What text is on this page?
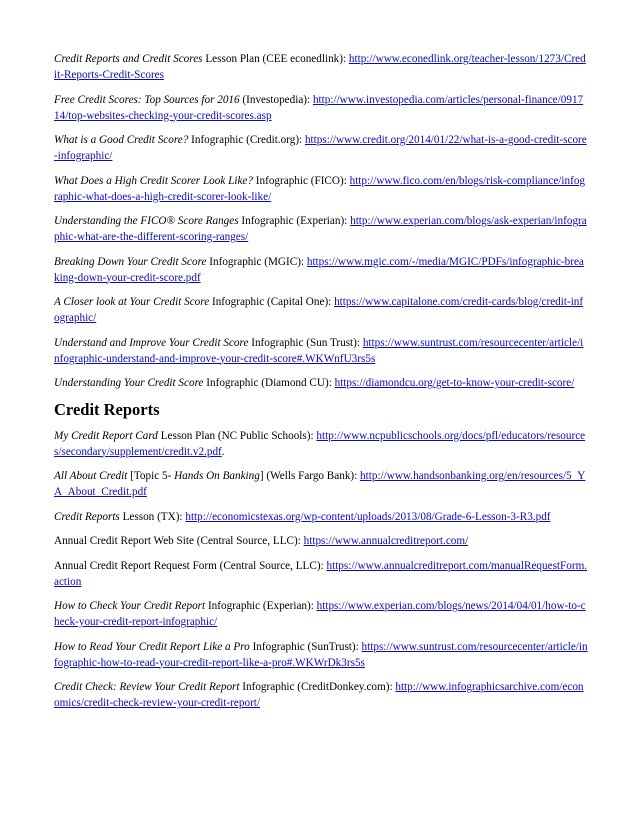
Credit Reports and Credit Scores Lesson Plan (CEE econedlink): http://www.econedlink.org/teacher-lesson/1273/Credit-Reports-Credit-Scores

Free Credit Scores: Top Sources for 2016 (Investopedia): http://www.investopedia.com/articles/personal-finance/091714/top-websites-checking-your-credit-scores.asp

What is a Good Credit Score? Infographic (Credit.org): https://www.credit.org/2014/01/22/what-is-a-good-credit-score-infographic/

What Does a High Credit Scorer Look Like? Infographic (FICO): http://www.fico.com/en/blogs/risk-compliance/infographic-what-does-a-high-credit-scorer-look-like/

Understanding the FICO® Score Ranges Infographic (Experian): http://www.experian.com/blogs/ask-experian/infographic-what-are-the-different-scoring-ranges/

Breaking Down Your Credit Score Infographic (MGIC): https://www.mgic.com/-/media/MGIC/PDFs/infographic-breaking-down-your-credit-score.pdf

A Closer look at Your Credit Score Infographic (Capital One): https://www.capitalone.com/credit-cards/blog/credit-infographic/

Understand and Improve Your Credit Score Infographic (Sun Trust): https://www.suntrust.com/resourcecenter/article/infographic-understand-and-improve-your-credit-score#.WKWnfU3rs5s

Understanding Your Credit Score Infographic (Diamond CU): https://diamondcu.org/get-to-know-your-credit-score/

Credit Reports

My Credit Report Card Lesson Plan (NC Public Schools): http://www.ncpublicschools.org/docs/pfl/educators/resources/secondary/supplement/credit.v2.pdf.

All About Credit [Topic 5- Hands On Banking] (Wells Fargo Bank): http://www.handsonbanking.org/en/resources/5_YA_About_Credit.pdf

Credit Reports Lesson (TX): http://economicstexas.org/wp-content/uploads/2013/08/Grade-6-Lesson-3-R3.pdf

Annual Credit Report Web Site (Central Source, LLC): https://www.annualcreditreport.com/

Annual Credit Report Request Form (Central Source, LLC): https://www.annualcreditreport.com/manualRequestForm.action

How to Check Your Credit Report Infographic (Experian): https://www.experian.com/blogs/news/2014/04/01/how-to-check-your-credit-report-infographic/

How to Read Your Credit Report Like a Pro Infographic (SunTrust): https://www.suntrust.com/resourcecenter/article/infographic-how-to-read-your-credit-report-like-a-pro#.WKWrDk3rs5s

Credit Check: Review Your Credit Report Infographic (CreditDonkey.com): http://www.infographicsarchive.com/economics/credit-check-review-your-credit-report/
